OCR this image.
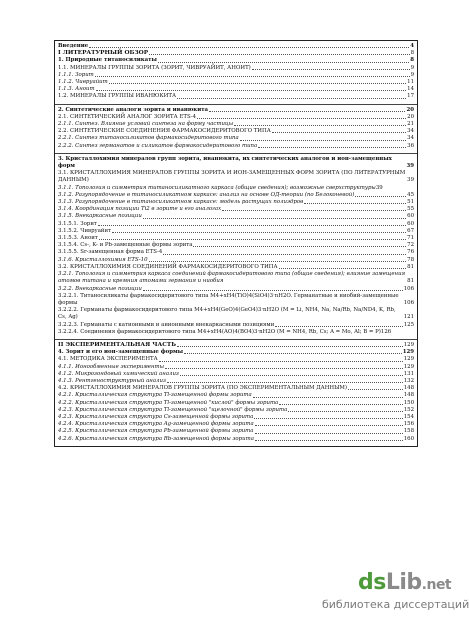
Введение	4
I ЛИТЕРАТУРНЫЙ ОБЗОР	8
1. Природные титаносиликаты	8
1.1. МИНЕРАЛЫ ГРУППЫ ЗОРИТА (ЗОРИТ, ЧИВРУАЙИТ, АНОИТ)	9
1.1.1. Зорит	9
1.1.2. Чивруайит	11
1.1.3. Аноит	14
1.2. МИНЕРАЛЫ ГРУППЫ ИВАНЮКИТА	17
2. Синтетические аналоги зорита и иванюкита	20
2.1. СИНТЕТИЧЕСКИЙ АНАЛОГ ЗОРИТА ETS-4	20
2.1.1. Синтез. Влияние условий синтеза на форму частицы	21
2.2. СИНТЕТИЧЕСКИЕ СОЕДИНЕНИЯ ФАРМАКОСИДЕРИТОВОГО ТИПА	34
2.2.1. Синтез титаносиликатов фармакосидеритового типа	34
2.2.2. Синтез германатов и силикатов фармакосидеритового типа	36
3. Кристаллохимия минералов групп зорита, иванюкита, их синтетических аналогов и ион-замещенных форм	39
3.1. КРИСТАЛЛОХИМИЯ МИНЕРАЛОВ ГРУППЫ ЗОРИТА И ИОН-ЗАМЕЩЕННЫХ ФОРМ ЗОРИТА (ПО ЛИТЕРАТУРНЫМ ДАННЫМ)	39
3.1.1. Топология и симметрия титаносиликатного каркаса (общие сведения); возможные сверхструктуры 39
3.1.2. Разупорядочение в титаносиликатном каркасе: анализ на основе ОД-теории (по Белоконевой)	45
3.1.3. Разупорядочение в титаносиликатном каркасе: модель растущих полиэдров	51
3.1.4. Координация позиции Ti2 в зорите и его аналогах	55
3.1.5. Внекаркасные позиции	60
3.1.5.1. Зорит	60
3.1.5.2. Чивруайит	67
3.1.5.3. Аноит	71
3.1.5.4. Cs-, K- и Pb-замещенные формы зорита	72
3.1.5.5. Sr-замещенная форма ETS-4	76
3.1.6. Кристаллохимия ETS-10	78
3.2. КРИСТАЛЛОХИМИЯ СОЕДИНЕНИЙ ФАРМАКОСИДЕРИТОВОГО ТИПА	81
3.2.1. Топология и симметрия каркаса соединений фармакосидеритового типа (общие сведения); влияние замещения атомов титана и кремния атомами германия и ниобия	81
3.2.2. Внекаркасные позиции	106
3.2.2.1. Титаносиликаты фармакосидеритового типа M4+xH4(TiO)4(SiO4)3·nH2O. Германатные и ниобий-замещенные формы	106
3.2.2.2. Германаты фармакосидеритового типа M4+xH4(GeO)4(GeO4)3·nH2O (M = Li, NH4, Na, Na/Rb, Na/ND4, K, Rb, Cs, Ag)	121
3.2.2.3. Германаты с катионными и анионными внекаркасными позициями	125
3.2.2.4. Соединения фармакосидеритового типа M4+xH4(AO)4(BO4)3·nH2O (M = NH4, Rb, Cs; A = Mo, Al; B = P) 126
II ЭКСПЕРИМЕНТАЛЬНАЯ ЧАСТЬ	129
4. Зорит и его ион-замещенные формы	129
4.1. МЕТОДИКА ЭКСПЕРИМЕНТА	129
4.1.1. Ионообменные эксперименты	129
4.1.2. Микрозондовый химический анализ	131
4.1.3. Рентгеноструктурный анализ	132
4.2. КРИСТАЛЛОХИМИЯ МИНЕРАЛОВ ГРУППЫ ЗОРИТА (ПО ЭКСПЕРИМЕНТАЛЬНЫМ ДАННЫМ)	148
4.2.1. Кристаллическая структура Tl-замещенной формы зорита	148
4.2.2. Кристаллическая структура Tl-замещенной "кислой" формы зорита	150
4.2.3. Кристаллическая структура Tl-замещенной "щелочной" формы зорита	152
4.2.3. Кристаллическая структура Cs-замещенной формы зорита	154
4.2.4. Кристаллическая структура Ag-замещенной формы зорита	156
4.2.5. Кристаллическая структура Pb-замещенной формы зорита	158
4.2.6. Кристаллическая структура Rb-замещенной формы зорита	160
dsLib.net
библиотека диссертаций
